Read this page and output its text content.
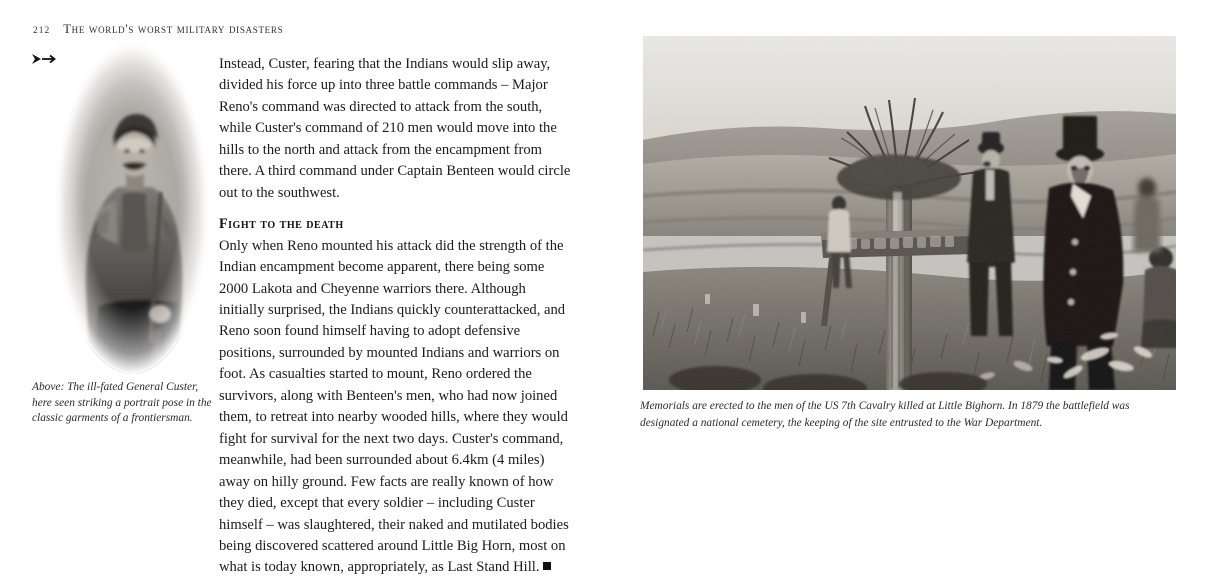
212 The world's worst military disasters
Above: The ill-fated General Custer, here seen striking a portrait pose in the classic garments of a frontiersman.

Instead, Custer, fearing that the Indians would slip away, divided his force up into three battle commands – Major Reno's command was directed to attack from the south, while Custer's command of 210 men would move into the hills to the north and attack from the encampment from there. A third command under Captain Benteen would circle out to the southwest.

Fight to the death

Only when Reno mounted his attack did the strength of the Indian encampment become apparent, there being some 2000 Lakota and Cheyenne warriors there. Although initially surprised, the Indians quickly counterattacked, and Reno soon found himself having to adopt defensive positions, surrounded by mounted Indians and warriors on foot. As casualties started to mount, Reno ordered the survivors, along with Benteen's men, who had now joined them, to retreat into nearby wooded hills, where they would fight for survival for the next two days. Custer's command, meanwhile, had been surrounded about 6.4km (4 miles) away on hilly ground. Few facts are really known of how they died, except that every soldier – including Custer himself – was slaughtered, their naked and mutilated bodies being discovered scattered around Little Big Horn, most on what is today known, appropriately, as Last Stand Hill.

Memorials are erected to the men of the US 7th Cavalry killed at Little Bighorn. In 1879 the battlefield was designated a national cemetery, the keeping of the site entrusted to the War Department.
